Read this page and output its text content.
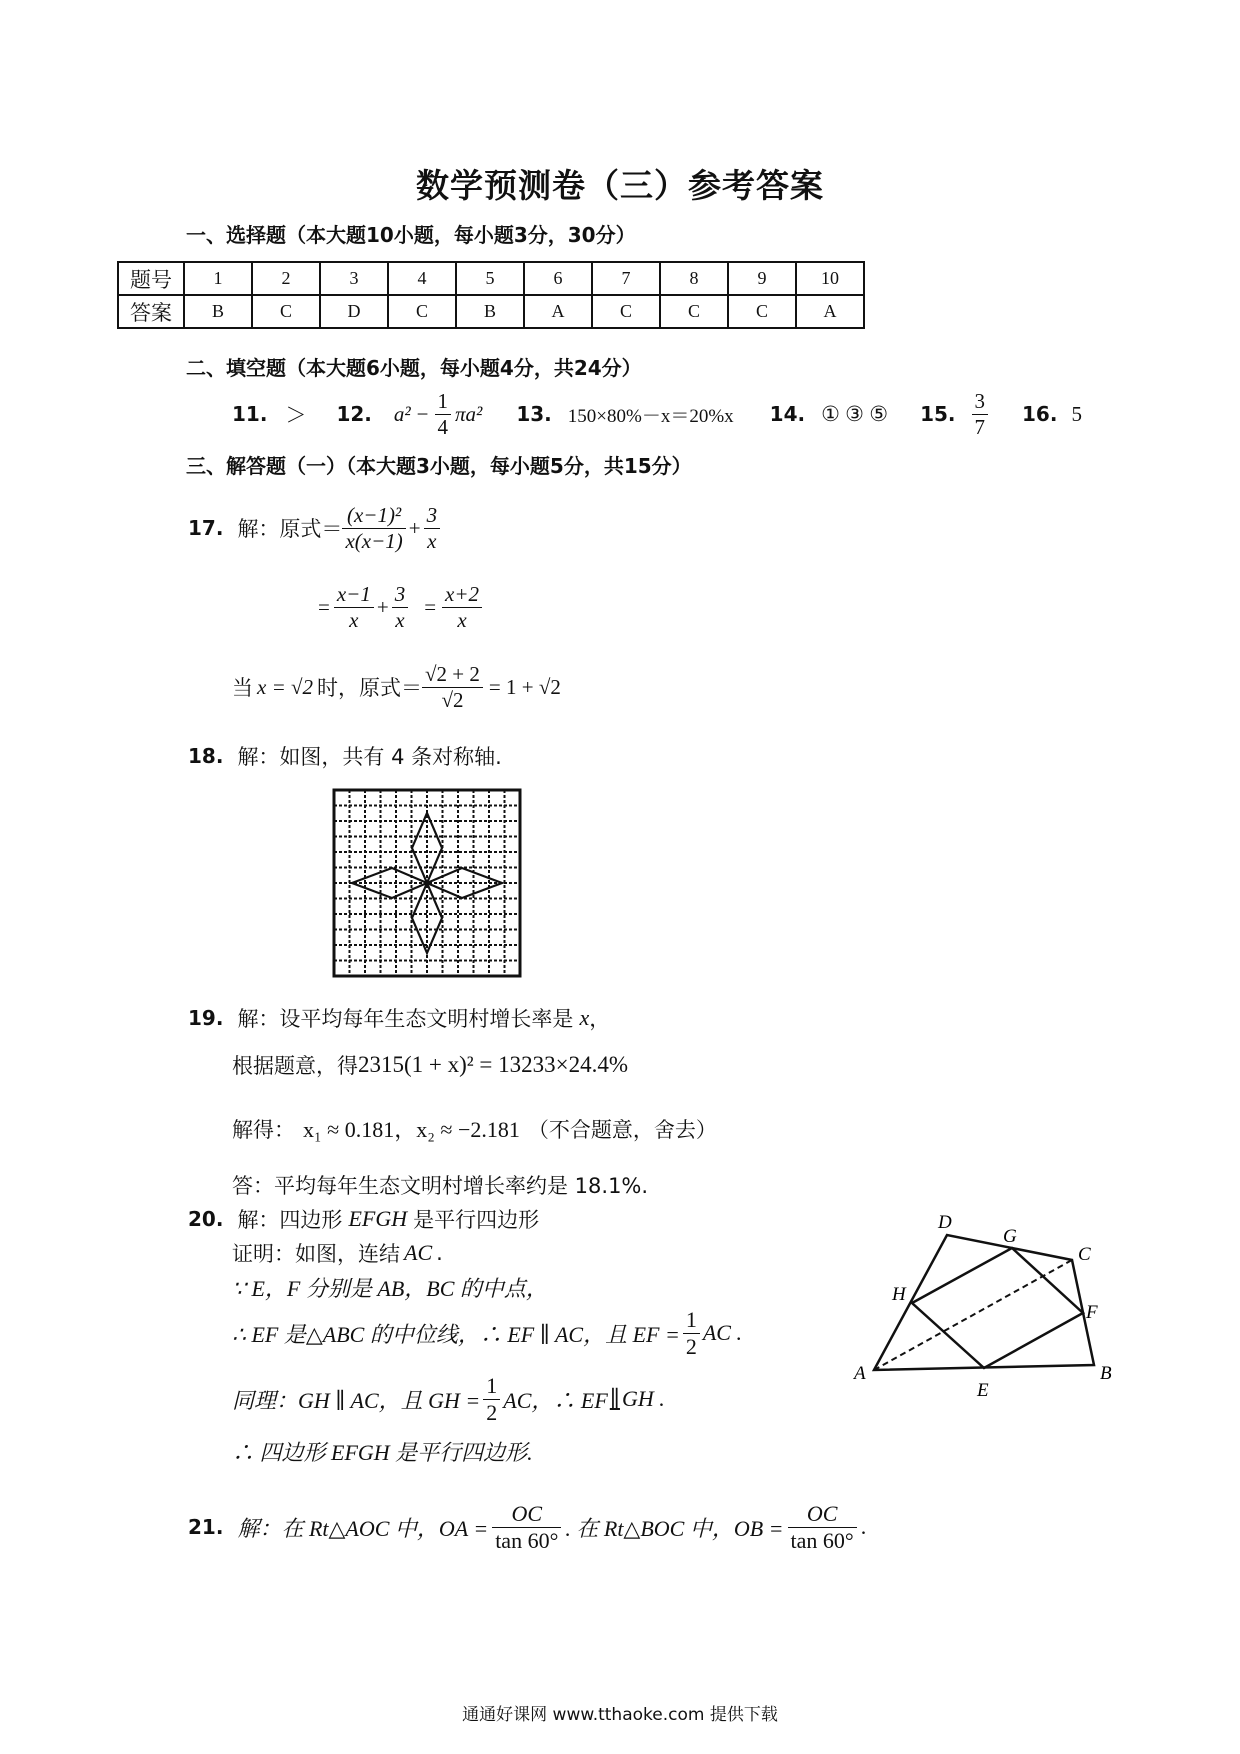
数学预测卷（三）参考答案
一、选择题（本大题10小题，每小题3分，30分）
题号	1	2	3	4	5	6	7	8	9	10
答案	B	C	D	C	B	A	C	C	C	A
二、填空题（本大题6小题，每小题4分，共24分）
11. ＞ 12. $a^2 - \frac{1}{4} \pi a^2$ 13. 150×80%－x＝20%x 14. ① ③ ⑤ 15. $\frac{3}{7} 16$. 5
三、解答题（一）（本大题3小题，每小题5分，共15分）
17. 解：原式＝ $\frac{\text{(x−1)²}}{x(x-1)} + \frac{3}{x}$
= $\frac{x-1}{x} + \frac{3}{x} = \frac{x+2}{x}$
当 x = √2 时，原式＝ $\frac{√2 + 2}{√2} = 1 + √2$
18. 解：如图，共有 4 条对称轴.
19. 解：设平均每年生态文明村增长率是 x ，
根据题意，得 2315(1 + x)² = 13233×24.4%
解得： x₁ ≈ 0.181，x₂ ≈ −2.181 （不合题意，舍去）
答：平均每年生态文明村增长率约是 18.1%.
20. 解：四边形 EFGH 是平行四边形
证明：如图，连结 AC .
∵ E，F 分别是 AB，BC 的中点，
∴ EF 是△ABC 的中位线，∴ EF ∥ AC，且 EF = $\frac{1}{2}$ AC .
同理：GH ∥ AC，且 GH = $\frac{1}{2}$ AC，∴ EF ∥ GH .
∴ 四边形 EFGH 是平行四边形.
A	B
C
D
E
F
G
H
21. 解：在 Rt△AOC 中，OA = $\frac{OC}{\tan 60^\circ}$ . 在 Rt△BOC 中，OB = $\frac{OC}{\tan 60^\circ}$ .
通通好课网 www.tthaoke.com 提供下载
